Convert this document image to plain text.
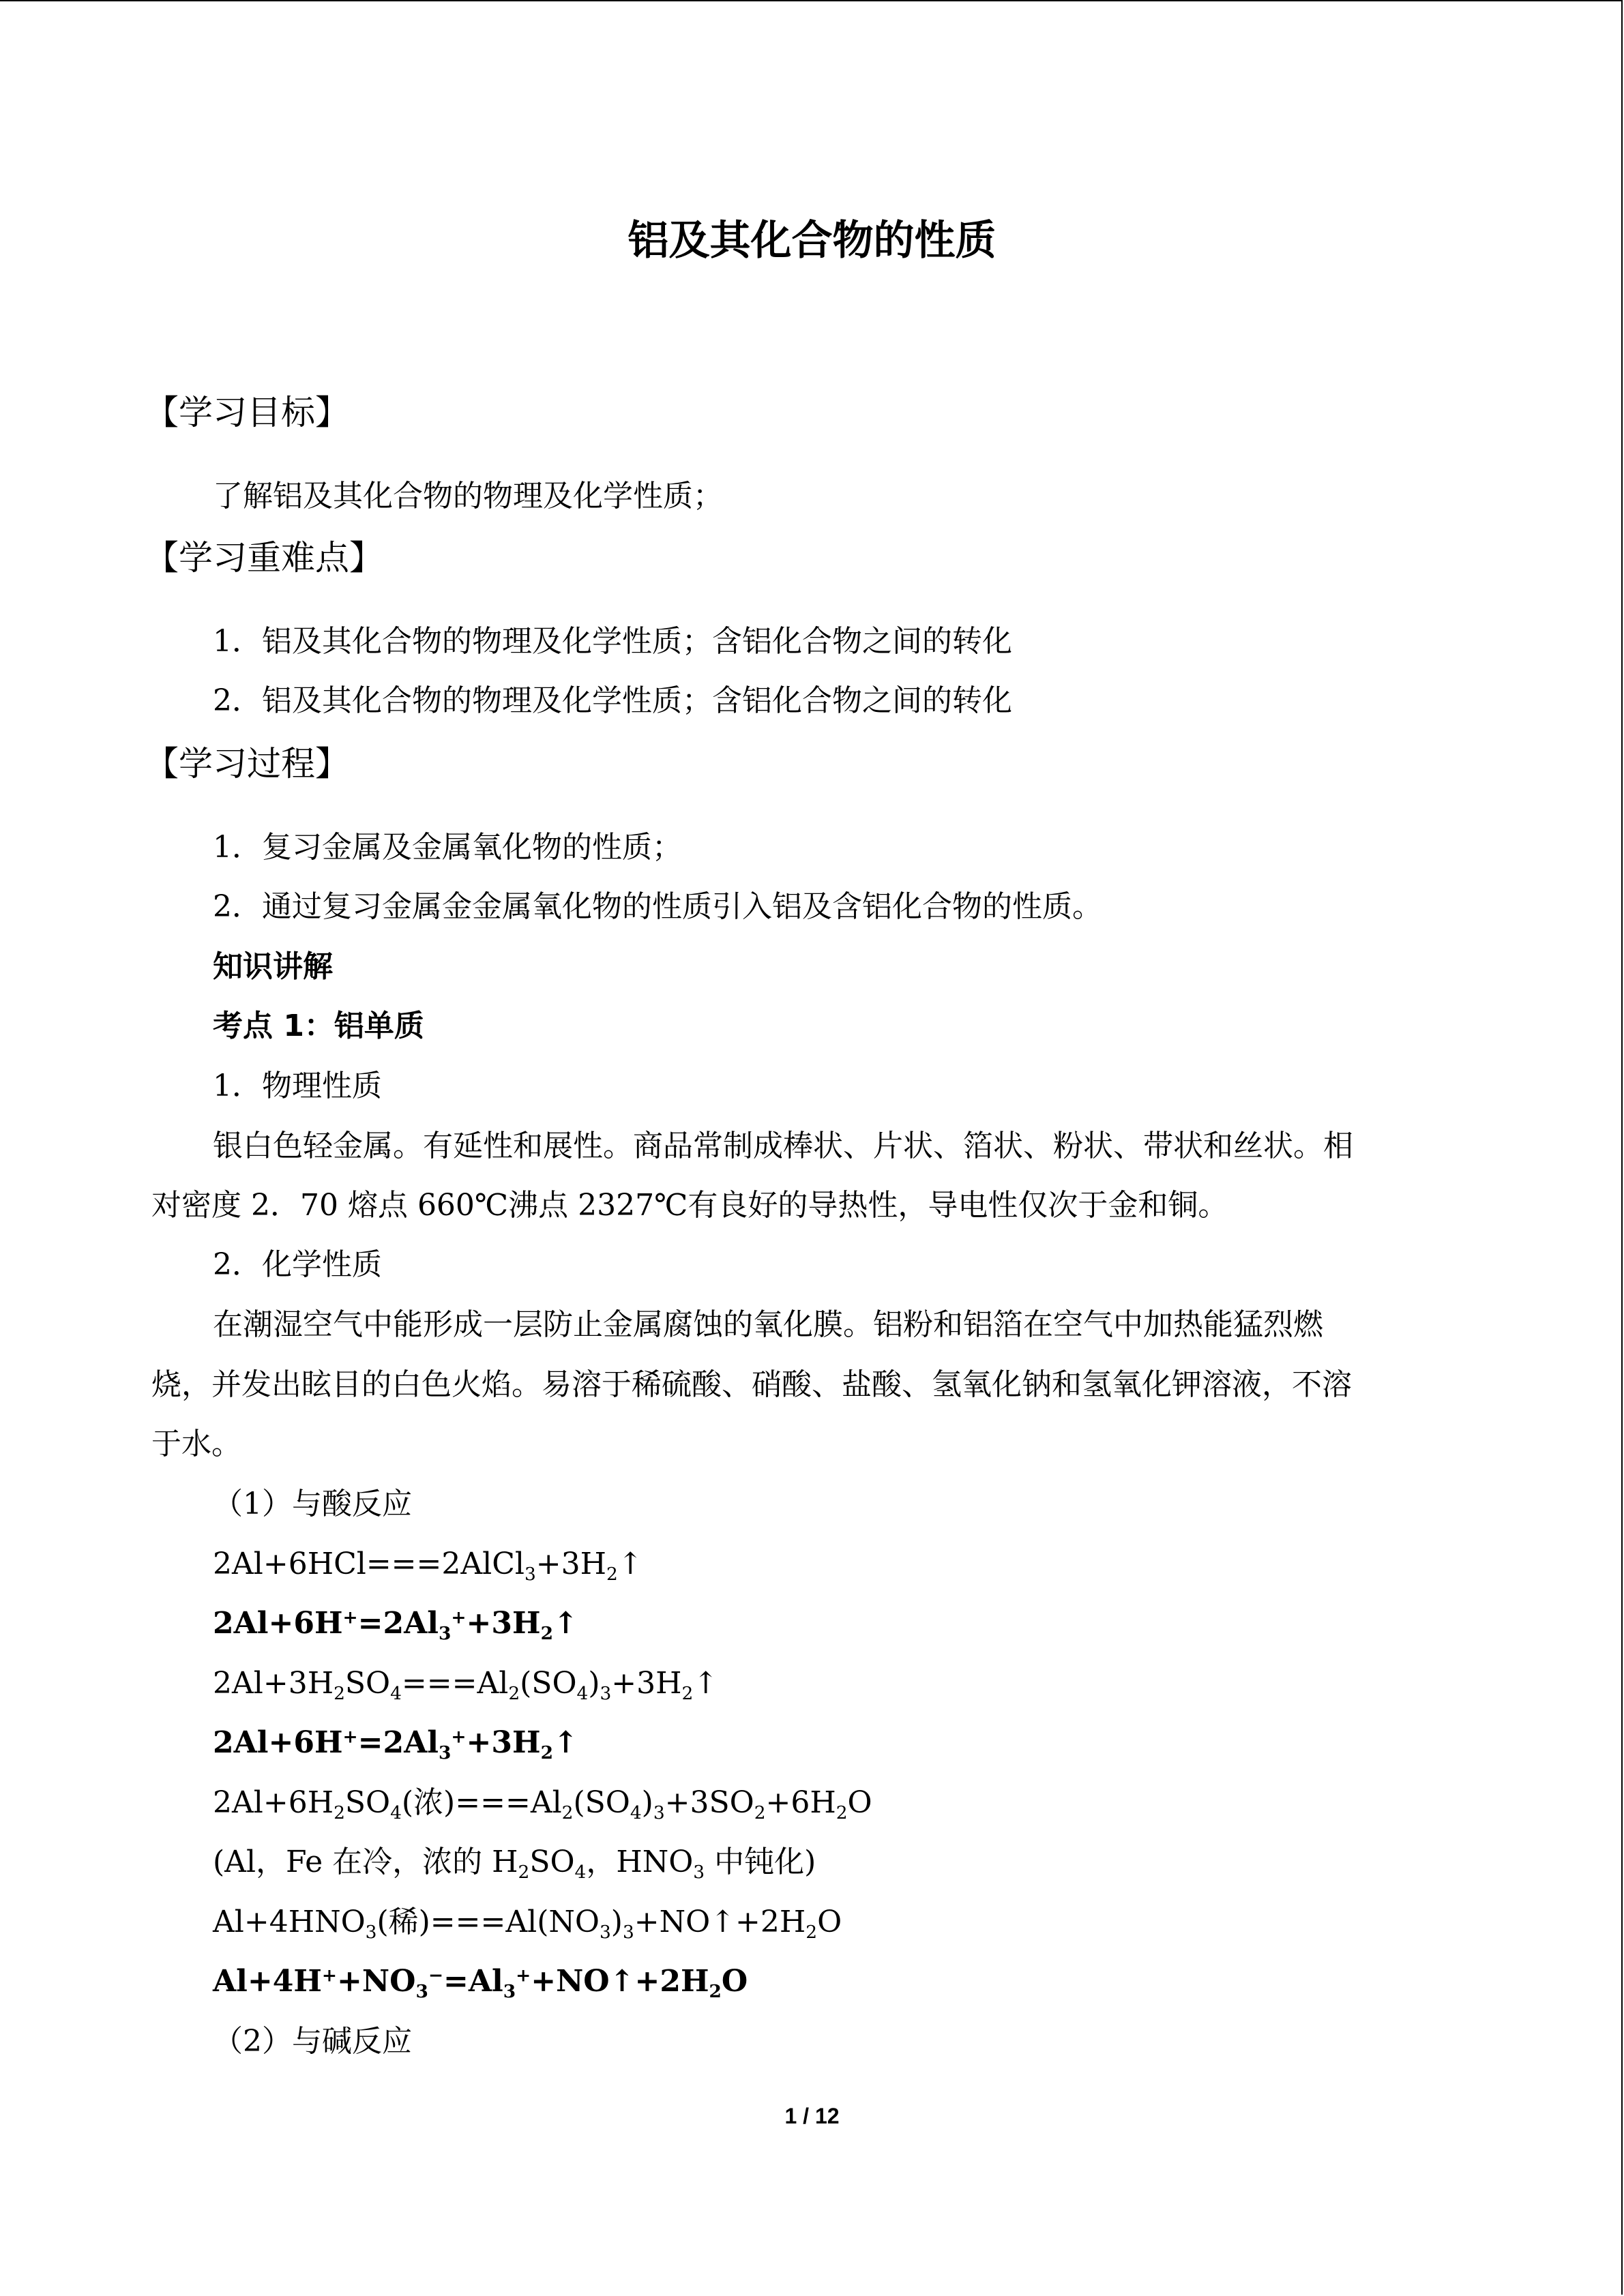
铝及其化合物的性质
【学习目标】
了解铝及其化合物的物理及化学性质；
【学习重难点】
1．铝及其化合物的物理及化学性质；含铝化合物之间的转化
2．铝及其化合物的物理及化学性质；含铝化合物之间的转化
【学习过程】
1．复习金属及金属氧化物的性质；
2．通过复习金属金金属氧化物的性质引入铝及含铝化合物的性质。
知识讲解
考点 1：铝单质
1．物理性质
银白色轻金属。有延性和展性。商品常制成棒状、片状、箔状、粉状、带状和丝状。相
对密度 2．70 熔点 660℃沸点 2327℃有良好的导热性，导电性仅次于金和铜。
2．化学性质
在潮湿空气中能形成一层防止金属腐蚀的氧化膜。铝粉和铝箔在空气中加热能猛烈燃
烧，并发出眩目的白色火焰。易溶于稀硫酸、硝酸、盐酸、氢氧化钠和氢氧化钾溶液，不溶
于水。
（1）与酸反应
$2Al+6HCl===2AlCl_3+3H_2↑$
$2Al+6H^+=2Al_3^++3H_2↑$
$2Al+3H_2SO_4===Al_2(SO_4)_3+3H_2↑$
$2Al+6H^+=2Al_3^++3H_2↑$
$2Al+6H_2SO_4$(浓)$===Al_2(SO_4)_3+3SO_2+6H_2O$
(Al，Fe 在冷，浓的 $H_2SO_4$，$HNO_3$ 中钝化)
$Al+4HNO_3$(稀)$===Al(NO_3)_3+NO↑+2H_2O$
$Al+4H^++NO_3^-=Al_3^++NO↑+2H_2O$
（2）与碱反应
1 / 12
